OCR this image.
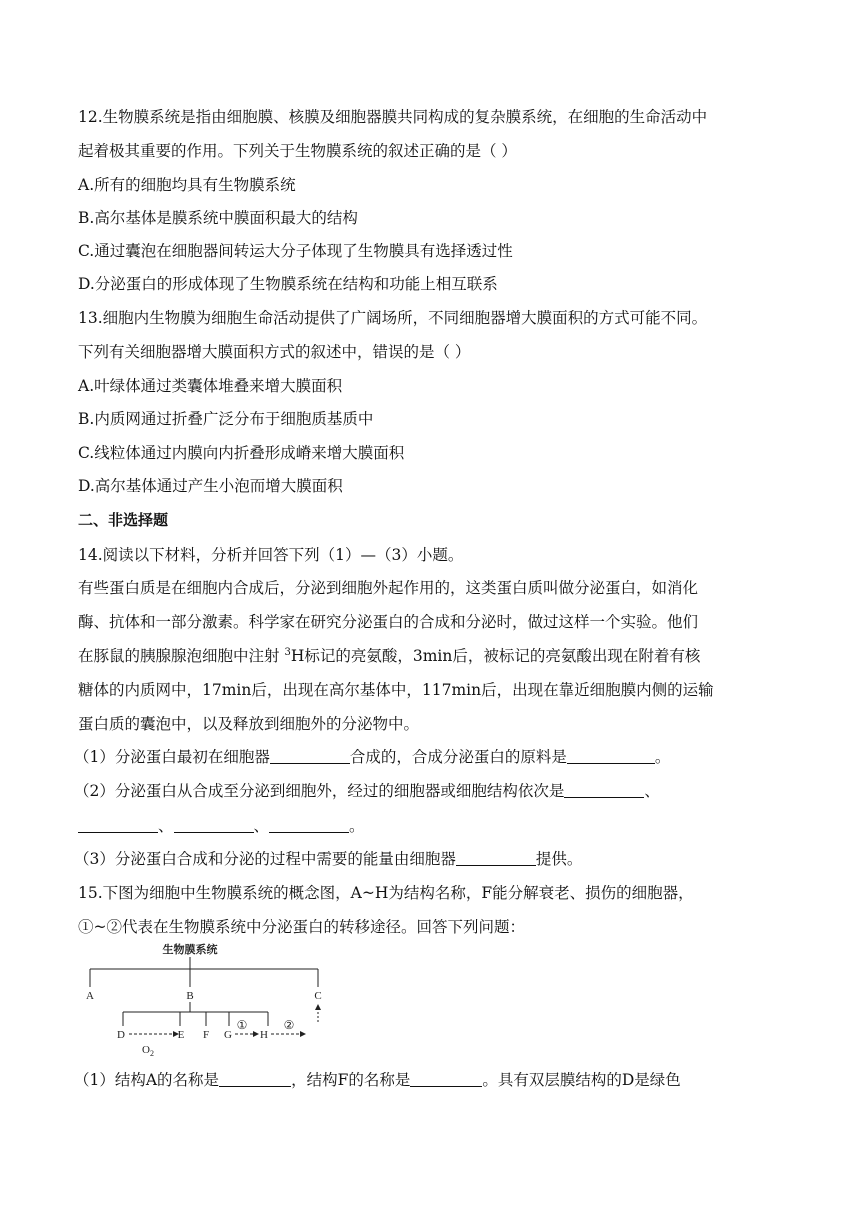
12.生物膜系统是指由细胞膜、核膜及细胞器膜共同构成的复杂膜系统，在细胞的生命活动中
起着极其重要的作用。下列关于生物膜系统的叙述正确的是（ ）
A.所有的细胞均具有生物膜系统
B.高尔基体是膜系统中膜面积最大的结构
C.通过囊泡在细胞器间转运大分子体现了生物膜具有选择透过性
D.分泌蛋白的形成体现了生物膜系统在结构和功能上相互联系
13.细胞内生物膜为细胞生命活动提供了广阔场所，不同细胞器增大膜面积的方式可能不同。
下列有关细胞器增大膜面积方式的叙述中，错误的是（ ）
A.叶绿体通过类囊体堆叠来增大膜面积
B.内质网通过折叠广泛分布于细胞质基质中
C.线粒体通过内膜向内折叠形成嵴来增大膜面积
D.高尔基体通过产生小泡而增大膜面积
二、非选择题
14.阅读以下材料，分析并回答下列（1）—（3）小题。
有些蛋白质是在细胞内合成后，分泌到细胞外起作用的，这类蛋白质叫做分泌蛋白，如消化
酶、抗体和一部分激素。科学家在研究分泌蛋白的合成和分泌时，做过这样一个实验。他们
在豚鼠的胰腺腺泡细胞中注射 $^3$H标记的亮氨酸，3min后，被标记的亮氨酸出现在附着有核
糖体的内质网中，17min后，出现在高尔基体中，117min后，出现在靠近细胞膜内侧的运输
蛋白质的囊泡中，以及释放到细胞外的分泌物中。
（1）分泌蛋白最初在细胞器	合成的，合成分泌蛋白的原料是	。
（2）分泌蛋白从合成至分泌到细胞外，经过的细胞器或细胞结构依次是	、
、	、	。
（3）分泌蛋白合成和分泌的过程中需要的能量由细胞器	提供。
15.下图为细胞中生物膜系统的概念图，A~H为结构名称，F能分解衰老、损伤的细胞器，
①~②代表在生物膜系统中分泌蛋白的转移途径。回答下列问题：
生物膜系统
A	B	C
D	E F G
①
H
②
$O_2$
（1）结构A的名称是	，结构F的名称是	。具有双层膜结构的D是绿色
